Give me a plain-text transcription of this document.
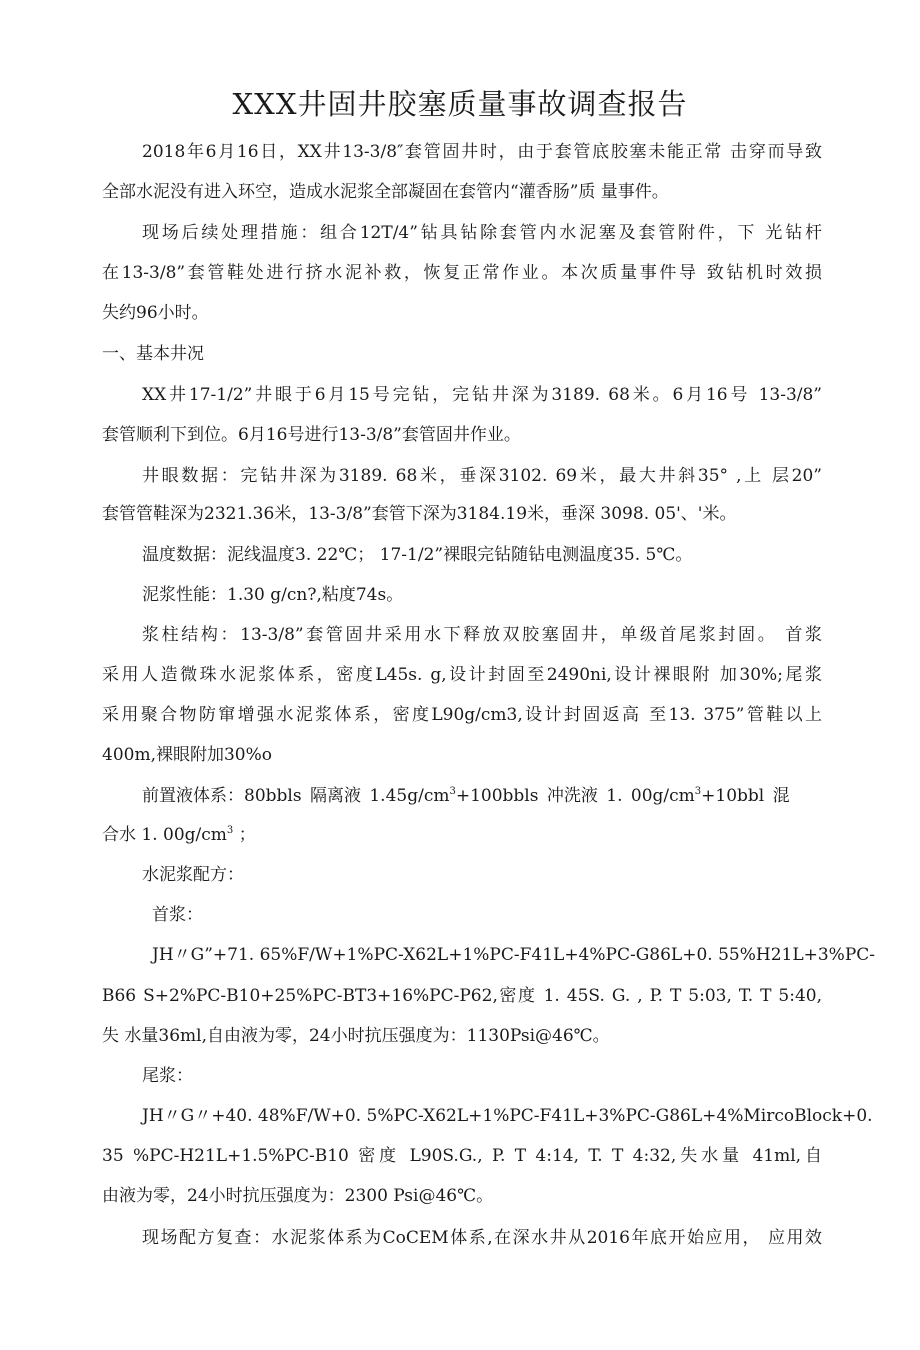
XXX井固井胶塞质量事故调查报告

2018年6月16日，XX井13-3/8″套管固井时，由于套管底胶塞未能正常 击穿而导致

全部水泥没有进入环空，造成水泥浆全部凝固在套管内“灌香肠”质 量事件。

现场后续处理措施：组合12T/4”钻具钻除套管内水泥塞及套管附件，下 光钻杆

在13-3/8”套管鞋处进行挤水泥补救，恢复正常作业。本次质量事件导 致钻机时效损

失约96小时。

一、基本井况

XX井17-1/2”井眼于6月15号完钻，完钻井深为3189. 68米。6月16号 13-3/8”

套管顺利下到位。6月16号进行13-3/8”套管固井作业。

井眼数据：完钻井深为3189. 68米，垂深3102. 69米，最大井斜35° ,上 层20”

套管管鞋深为2321.36米，13-3/8”套管下深为3184.19米，垂深 3098. 05'、'米。

温度数据：泥线温度3. 22℃； 17-1/2”裸眼完钻随钻电测温度35. 5℃。

泥浆性能：1.30 g/cn?,粘度74s。

浆柱结构：13-3/8”套管固井采用水下释放双胶塞固井，单级首尾浆封固。 首浆

采用人造微珠水泥浆体系，密度L45s. g,设计封固至2490ni,设计裸眼附 加30%;尾浆

采用聚合物防窜增强水泥浆体系，密度L90g/cm3,设计封固返高 至13. 375”管鞋以上

400m,裸眼附加30%o

前置液体系：80bbls 隔离液 $1.45g/cm^3+100bbls$ 冲洗液 1. $00g/cm^3+10bbl$ 混

合水 1. $00g/cm^3$ ；

水泥浆配方：

首浆：

JH〃G”+71. 65%F/W+1%PC-X62L+1%PC-F41L+4%PC-G86L+0. 55%H21L+3%PC-

B66 S+2%PC-B10+25%PC-BT3+16%PC-P62,密度 1. 45S. G. , P. T 5:03, T. T 5:40,

失 水量36ml,自由液为零，24小时抗压强度为：1130Psi@46℃。

尾浆：

JH〃G〃+40. 48%F/W+0. 5%PC-X62L+1%PC-F41L+3%PC-G86L+4%MircoBlock+0.

35 %PC-H21L+1.5%PC-B10 密度 L90S.G., P. T 4:14, T. T 4:32,失水量 41ml,自

由液为零，24小时抗压强度为：2300 Psi@46℃。

现场配方复查：水泥浆体系为CoCEM体系,在深水井从2016年底开始应用， 应用效
